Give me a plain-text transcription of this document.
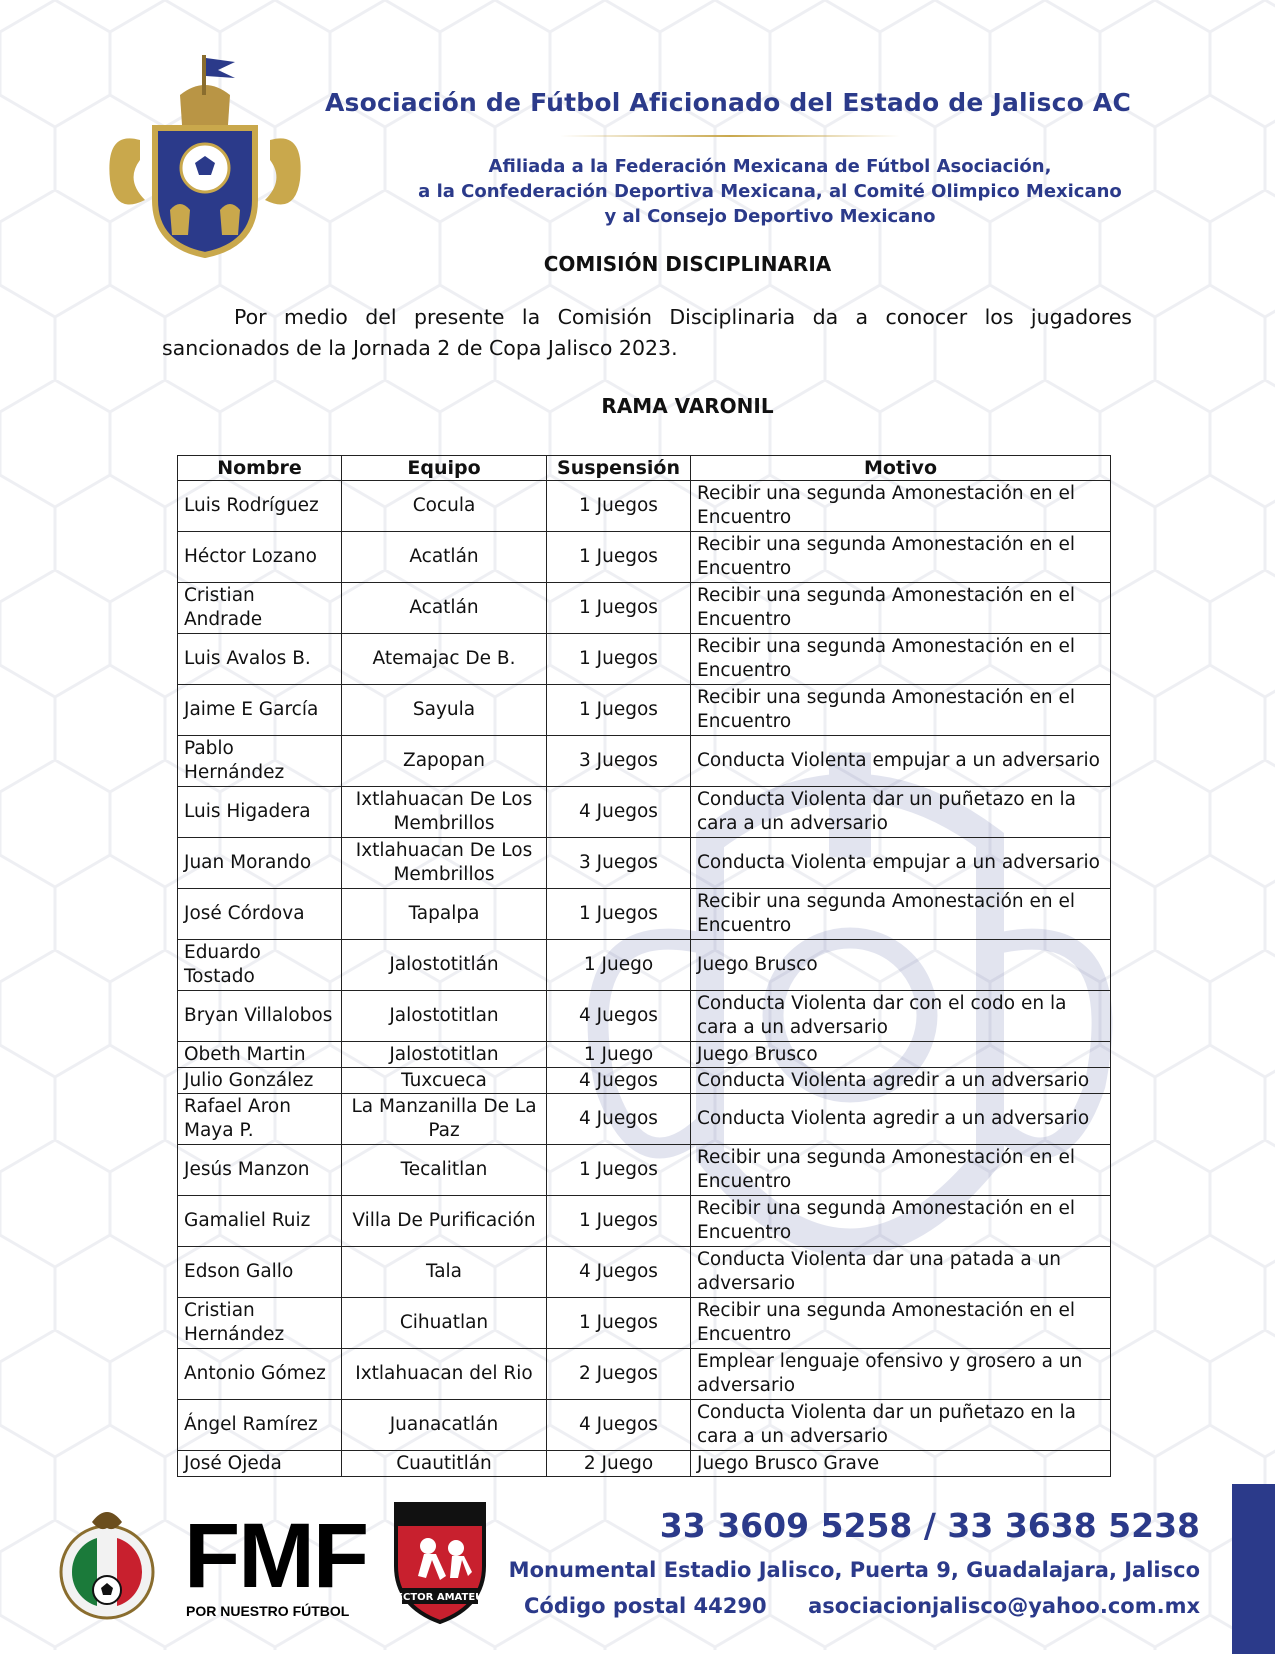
Asociación de Fútbol Aficionado del Estado de Jalisco AC
Afiliada a la Federación Mexicana de Fútbol Asociación,
a la Confederación Deportiva Mexicana, al Comité Olimpico Mexicano
y al Consejo Deportivo Mexicano
COMISIÓN DISCIPLINARIA
Por medio del presente la Comisión Disciplinaria da a conocer los jugadores sancionados de la Jornada 2 de Copa Jalisco 2023.
RAMA VARONIL
Nombre	Equipo	Suspensión	Motivo
Luis Rodríguez	Cocula	1 Juegos	Recibir una segunda Amonestación en el Encuentro
Héctor Lozano	Acatlán	1 Juegos	Recibir una segunda Amonestación en el Encuentro
Cristian Andrade	Acatlán	1 Juegos	Recibir una segunda Amonestación en el Encuentro
Luis Avalos B.	Atemajac De B.	1 Juegos	Recibir una segunda Amonestación en el Encuentro
Jaime E García	Sayula	1 Juegos	Recibir una segunda Amonestación en el Encuentro
Pablo Hernández	Zapopan	3 Juegos	Conducta Violenta empujar a un adversario
Luis Higadera	Ixtlahuacan De Los Membrillos	4 Juegos	Conducta Violenta dar un puñetazo en la cara a un adversario
Juan Morando	Ixtlahuacan De Los Membrillos	3 Juegos	Conducta Violenta empujar a un adversario
José Córdova	Tapalpa	1 Juegos	Recibir una segunda Amonestación en el Encuentro
Eduardo Tostado	Jalostotitlán	1 Juego	Juego Brusco
Bryan Villalobos	Jalostotitlan	4 Juegos	Conducta Violenta dar con el codo en la cara a un adversario
Obeth Martin	Jalostotitlan	1 Juego	Juego Brusco
Julio González	Tuxcueca	4 Juegos	Conducta Violenta agredir a un adversario
Rafael Aron Maya P.	La Manzanilla De La Paz	4 Juegos	Conducta Violenta agredir a un adversario
Jesús Manzon	Tecalitlan	1 Juegos	Recibir una segunda Amonestación en el Encuentro
Gamaliel Ruiz	Villa De Purificación	1 Juegos	Recibir una segunda Amonestación en el Encuentro
Edson Gallo	Tala	4 Juegos	Conducta Violenta dar una patada a un adversario
Cristian Hernández	Cihuatlan	1 Juegos	Recibir una segunda Amonestación en el Encuentro
Antonio Gómez	Ixtlahuacan del Rio	2 Juegos	Emplear lenguaje ofensivo y grosero a un adversario
Ángel Ramírez	Juanacatlán	4 Juegos	Conducta Violenta dar un puñetazo en la cara a un adversario
José Ojeda	Cuautitlán	2 Juego	Juego Brusco Grave
FMF
POR NUESTRO FÚTBOL
SECTOR AMATEUR
33 3609 5258 / 33 3638 5238
Monumental Estadio Jalisco, Puerta 9, Guadalajara, Jalisco
Código postal 44290	asociacionjalisco@yahoo.com.mx
